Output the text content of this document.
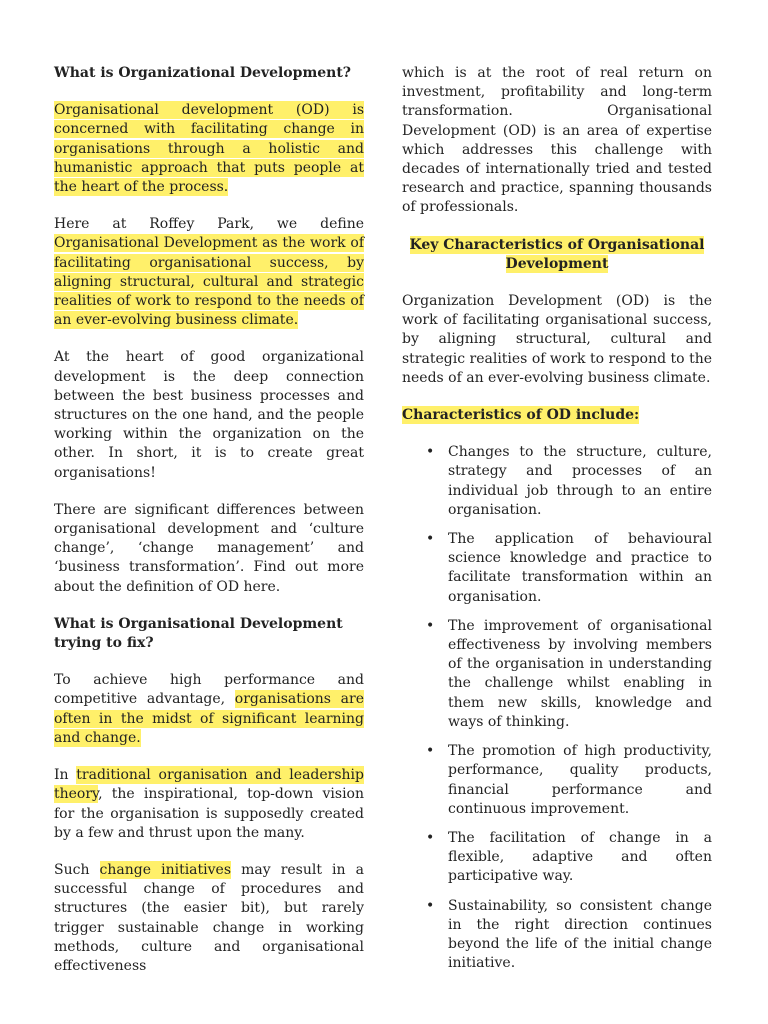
What is Organizational Development?

Organisational development (OD) is concerned with facilitating change in organisations through a holistic and humanistic approach that puts people at the heart of the process.

Here at Roffey Park, we define Organisational Development as the work of facilitating organisational success, by aligning structural, cultural and strategic realities of work to respond to the needs of an ever-evolving business climate.

At the heart of good organizational development is the deep connection between the best business processes and structures on the one hand, and the people working within the organization on the other. In short, it is to create great organisations!

There are significant differences between organisational development and ‘culture change’, ‘change management’ and ‘business transformation’. Find out more about the definition of OD here.

What is Organisational Development trying to fix?

To achieve high performance and competitive advantage, organisations are often in the midst of significant learning and change.

In traditional organisation and leadership theory, the inspirational, top-down vision for the organisation is supposedly created by a few and thrust upon the many.

Such change initiatives may result in a successful change of procedures and structures (the easier bit), but rarely trigger sustainable change in working methods, culture and organisational effectiveness

which is at the root of real return on investment, profitability and long-term transformation. Organisational Development (OD) is an area of expertise which addresses this challenge with decades of internationally tried and tested research and practice, spanning thousands of professionals.

Key Characteristics of Organisational
Development

Organization Development (OD) is the work of facilitating organisational success, by aligning structural, cultural and strategic realities of work to respond to the needs of an ever-evolving business climate.

Characteristics of OD include:
• Changes to the structure, culture, strategy and processes of an individual job through to an entire organisation.
• The application of behavioural science knowledge and practice to facilitate transformation within an organisation.
• The improvement of organisational effectiveness by involving members of the organisation in understanding the challenge whilst enabling in them new skills, knowledge and ways of thinking.
• The promotion of high productivity, performance, quality products, financial performance and continuous improvement.
• The facilitation of change in a flexible, adaptive and often participative way.
• Sustainability, so consistent change in the right direction continues beyond the life of the initial change initiative.
